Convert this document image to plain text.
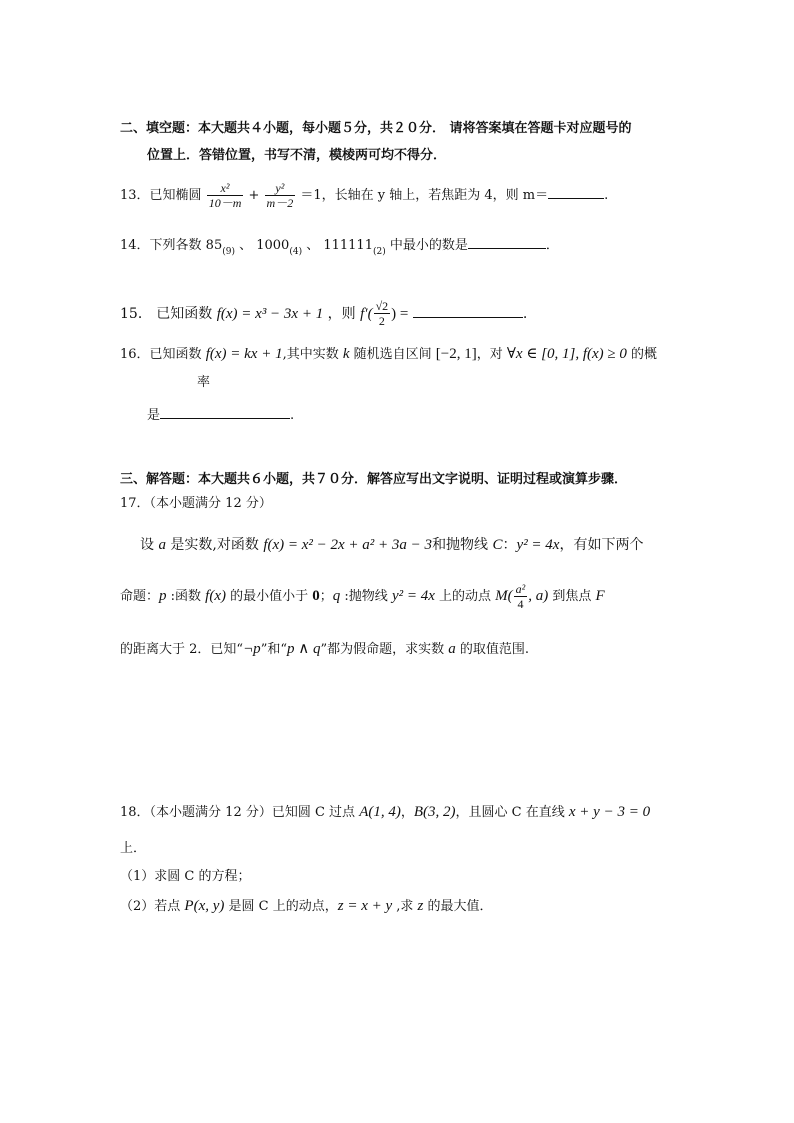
二、填空题：本大题共４小题，每小题５分，共２０分． 请将答案填在答题卡对应题号的
位置上．答错位置，书写不清，模棱两可均不得分．
13．已知椭圆 $\frac{\text{x²}}{10-m} + \frac{\text{y²}}{m-2} =1$，长轴在 y 轴上，若焦距为 4，则 m＝	.
14．下列各数 $85_{(9)}$ 、 $1000_{(4)}$ 、 $111111_{(2)}$ 中最小的数是	．
15． 已知函数 f(x) = x³ − 3x + 1 ，则 $f'( \frac{√2}{2}$ ) =	.
16．已知函数 f(x) = kx + 1,其中实数 k 随机选自区间 [−2, 1]，对 ∀x ∈ [0, 1], f(x) ≥ 0 的概
率
是	.
三、解答题：本大题共６小题，共７０分．解答应写出文字说明、证明过程或演算步骤．
17．（本小题满分 12 分）
设 a 是实数,对函数 f(x) = x² − 2x + a² + 3a − 3和抛物线 C：y² = 4x，有如下两个
命题：p :函数 f(x) 的最小值小于 0；q :抛物线 y² = 4x 上的动点 $M( \frac{\text{a²}}{4}$ , a) 到焦点 F
的距离大于 2．已知“¬p”和“p ∧ q”都为假命题，求实数 a 的取值范围.
18．（本小题满分 12 分）已知圆 C 过点 A(1, 4)，B(3, 2)，且圆心 C 在直线 x + y − 3 = 0
上．
（1）求圆 C 的方程；
（2）若点 P(x, y) 是圆 C 上的动点，z = x + y ,求 z 的最大值．
